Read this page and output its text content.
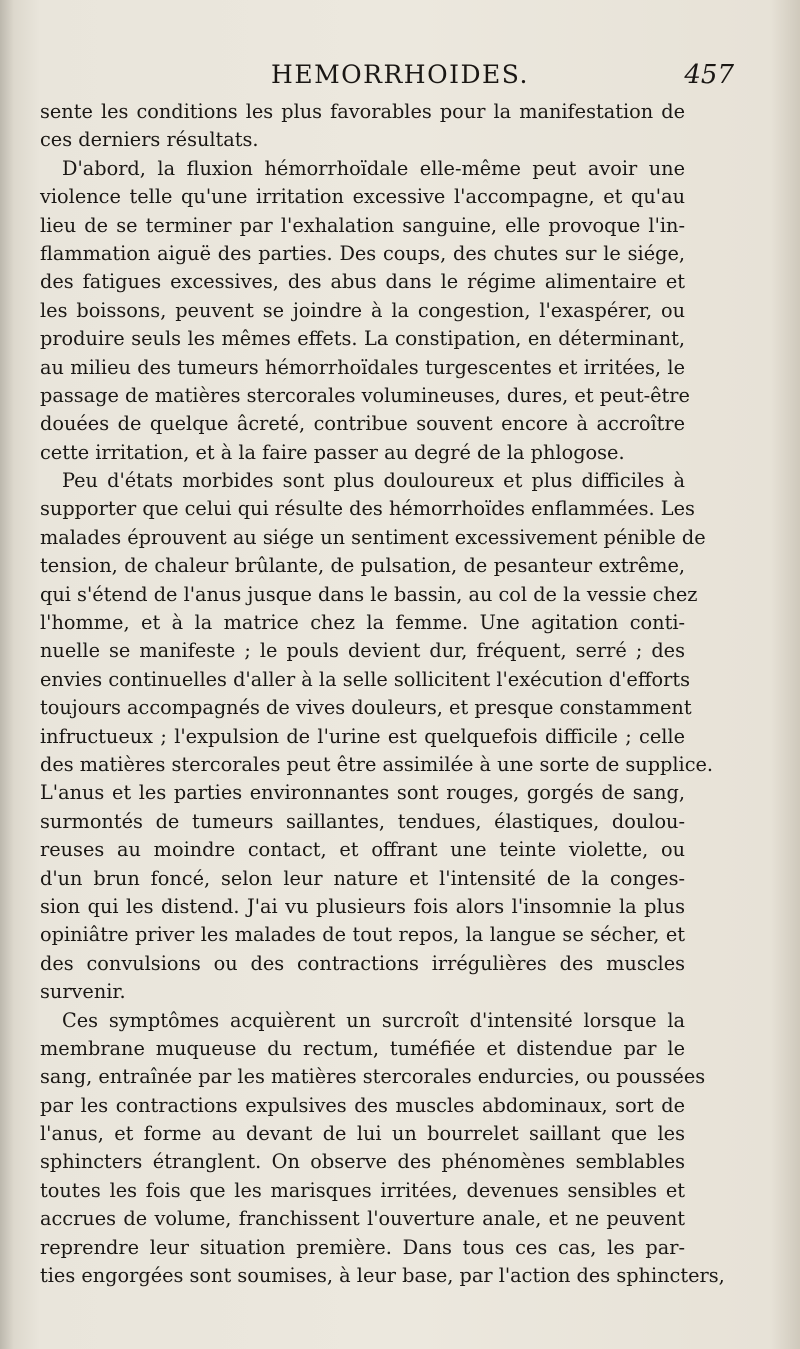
HEMORRHOIDES.	457
sente les conditions les plus favorables pour la manifestation de
ces derniers résultats.
D'abord, la fluxion hémorrhoïdale elle-même peut avoir une
violence telle qu'une irritation excessive l'accompagne, et qu'au
lieu de se terminer par l'exhalation sanguine, elle provoque l'in-
flammation aiguë des parties. Des coups, des chutes sur le siége,
des fatigues excessives, des abus dans le régime alimentaire et
les boissons, peuvent se joindre à la congestion, l'exaspérer, ou
produire seuls les mêmes effets. La constipation, en déterminant,
au milieu des tumeurs hémorrhoïdales turgescentes et irritées, le
passage de matières stercorales volumineuses, dures, et peut-être
douées de quelque âcreté, contribue souvent encore à accroître
cette irritation, et à la faire passer au degré de la phlogose.
Peu d'états morbides sont plus douloureux et plus difficiles à
supporter que celui qui résulte des hémorrhoïdes enflammées. Les
malades éprouvent au siége un sentiment excessivement pénible de
tension, de chaleur brûlante, de pulsation, de pesanteur extrême,
qui s'étend de l'anus jusque dans le bassin, au col de la vessie chez
l'homme, et à la matrice chez la femme. Une agitation conti-
nuelle se manifeste ; le pouls devient dur, fréquent, serré ; des
envies continuelles d'aller à la selle sollicitent l'exécution d'efforts
toujours accompagnés de vives douleurs, et presque constamment
infructueux ; l'expulsion de l'urine est quelquefois difficile ; celle
des matières stercorales peut être assimilée à une sorte de supplice.
L'anus et les parties environnantes sont rouges, gorgés de sang,
surmontés de tumeurs saillantes, tendues, élastiques, doulou-
reuses au moindre contact, et offrant une teinte violette, ou
d'un brun foncé, selon leur nature et l'intensité de la conges-
sion qui les distend. J'ai vu plusieurs fois alors l'insomnie la plus
opiniâtre priver les malades de tout repos, la langue se sécher, et
des convulsions ou des contractions irrégulières des muscles
survenir.
Ces symptômes acquièrent un surcroît d'intensité lorsque la
membrane muqueuse du rectum, tuméfiée et distendue par le
sang, entraînée par les matières stercorales endurcies, ou poussées
par les contractions expulsives des muscles abdominaux, sort de
l'anus, et forme au devant de lui un bourrelet saillant que les
sphincters étranglent. On observe des phénomènes semblables
toutes les fois que les marisques irritées, devenues sensibles et
accrues de volume, franchissent l'ouverture anale, et ne peuvent
reprendre leur situation première. Dans tous ces cas, les par-
ties engorgées sont soumises, à leur base, par l'action des sphincters,
